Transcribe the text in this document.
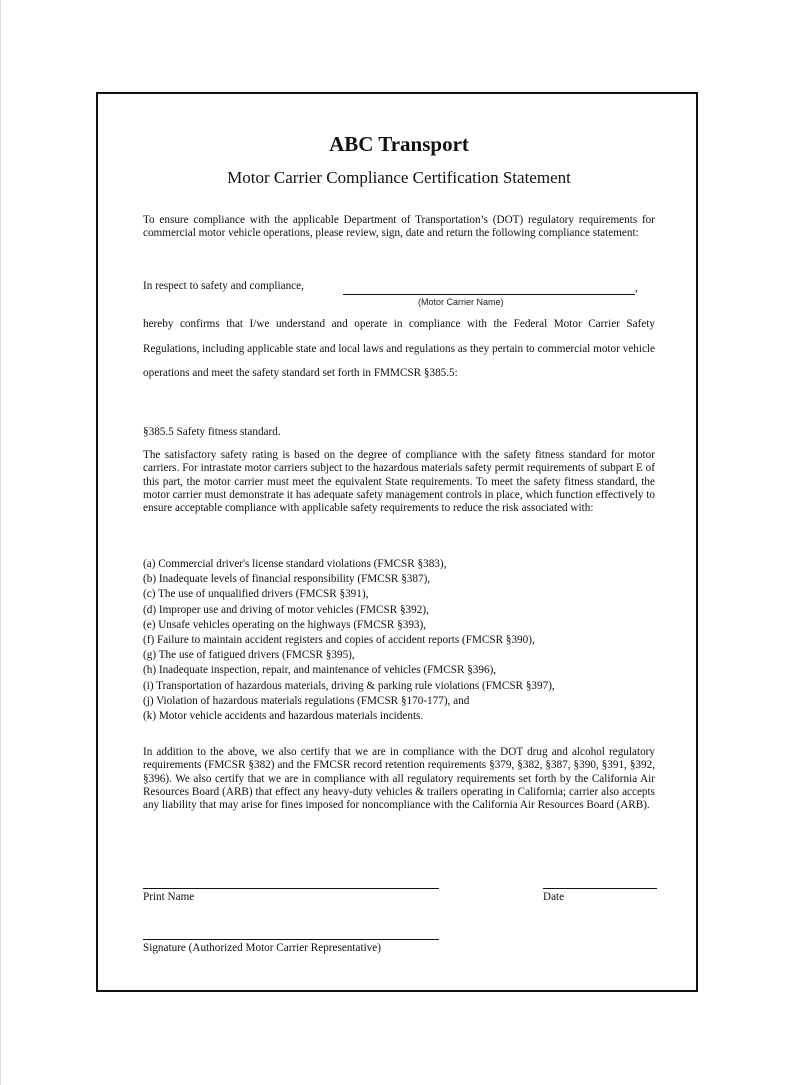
ABC Transport
Motor Carrier Compliance Certification Statement
To ensure compliance with the applicable Department of Transportation’s (DOT) regulatory requirements for commercial motor vehicle operations, please review, sign, date and return the following compliance statement:
In respect to safety and compliance,	,
(Motor Carrier Name)
hereby confirms that I/we understand and operate in compliance with the Federal Motor Carrier Safety Regulations, including applicable state and local laws and regulations as they pertain to commercial motor vehicle operations and meet the safety standard set forth in FMMCSR §385.5:
§385.5 Safety fitness standard.
The satisfactory safety rating is based on the degree of compliance with the safety fitness standard for motor carriers. For intrastate motor carriers subject to the hazardous materials safety permit requirements of subpart E of this part, the motor carrier must meet the equivalent State requirements. To meet the safety fitness standard, the motor carrier must demonstrate it has adequate safety management controls in place, which function effectively to ensure acceptable compliance with applicable safety requirements to reduce the risk associated with:
(a) Commercial driver's license standard violations (FMCSR §383),
(b) Inadequate levels of financial responsibility (FMCSR §387),
(c) The use of unqualified drivers (FMCSR §391),
(d) Improper use and driving of motor vehicles (FMCSR §392),
(e) Unsafe vehicles operating on the highways (FMCSR §393),
(f) Failure to maintain accident registers and copies of accident reports (FMCSR §390),
(g) The use of fatigued drivers (FMCSR §395),
(h) Inadequate inspection, repair, and maintenance of vehicles (FMCSR §396),
(i) Transportation of hazardous materials, driving & parking rule violations (FMCSR §397),
(j) Violation of hazardous materials regulations (FMCSR §170-177), and
(k) Motor vehicle accidents and hazardous materials incidents.
In addition to the above, we also certify that we are in compliance with the DOT drug and alcohol regulatory requirements (FMCSR §382) and the FMCSR record retention requirements §379, §382, §387, §390, §391, §392, §396). We also certify that we are in compliance with all regulatory requirements set forth by the California Air Resources Board (ARB) that effect any heavy-duty vehicles & trailers operating in California; carrier also accepts any liability that may arise for fines imposed for noncompliance with the California Air Resources Board (ARB).
Print Name	Date
Signature (Authorized Motor Carrier Representative)
